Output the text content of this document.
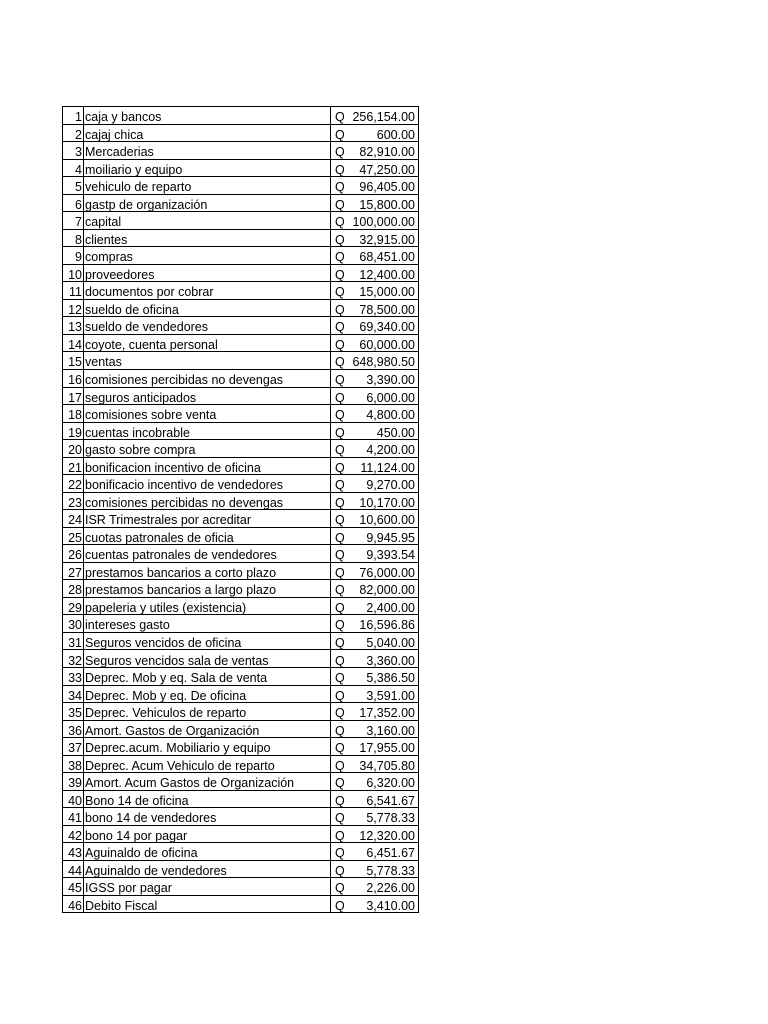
1	caja y bancos	Q	256,154.00
2	cajaj chica	Q	600.00
3	Mercaderias	Q	82,910.00
4	moiliario y equipo	Q	47,250.00
5	vehiculo de reparto	Q	96,405.00
6	gastp de organización	Q	15,800.00
7	capital	Q	100,000.00
8	clientes	Q	32,915.00
9	compras	Q	68,451.00
10	proveedores	Q	12,400.00
11	documentos por cobrar	Q	15,000.00
12	sueldo de oficina	Q	78,500.00
13	sueldo de vendedores	Q	69,340.00
14	coyote, cuenta personal	Q	60,000.00
15	ventas	Q	648,980.50
16	comisiones percibidas no devengas	Q	3,390.00
17	seguros anticipados	Q	6,000.00
18	comisiones sobre venta	Q	4,800.00
19	cuentas incobrable	Q	450.00
20	gasto sobre compra	Q	4,200.00
21	bonificacion incentivo de oficina	Q	11,124.00
22	bonificacio incentivo de vendedores	Q	9,270.00
23	comisiones percibidas no devengas	Q	10,170.00
24	ISR Trimestrales por acreditar	Q	10,600.00
25	cuotas patronales de oficia	Q	9,945.95
26	cuentas patronales de vendedores	Q	9,393.54
27	prestamos bancarios a corto plazo	Q	76,000.00
28	prestamos bancarios a largo plazo	Q	82,000.00
29	papeleria y utiles (existencia)	Q	2,400.00
30	intereses gasto	Q	16,596.86
31	Seguros vencidos de oficina	Q	5,040.00
32	Seguros vencidos sala de ventas	Q	3,360.00
33	Deprec. Mob y eq. Sala de venta	Q	5,386.50
34	Deprec. Mob y eq. De oficina	Q	3,591.00
35	Deprec. Vehiculos de reparto	Q	17,352.00
36	Amort. Gastos de Organización	Q	3,160.00
37	Deprec.acum. Mobiliario y equipo	Q	17,955.00
38	Deprec. Acum Vehiculo de reparto	Q	34,705.80
39	Amort. Acum Gastos de Organización	Q	6,320.00
40	Bono 14 de oficina	Q	6,541.67
41	bono 14 de vendedores	Q	5,778.33
42	bono 14 por pagar	Q	12,320.00
43	Aguinaldo de oficina	Q	6,451.67
44	Aguinaldo de vendedores	Q	5,778.33
45	IGSS por pagar	Q	2,226.00
46	Debito Fiscal	Q	3,410.00
